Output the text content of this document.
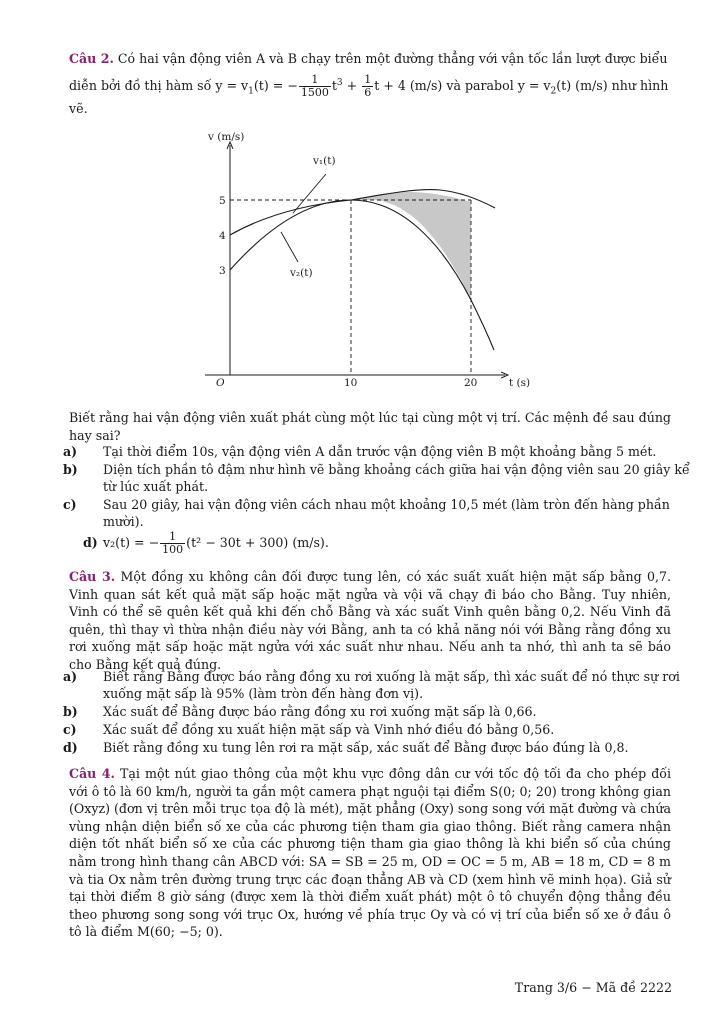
Câu 2. Có hai vận động viên A và B chạy trên một đường thẳng với vận tốc lần lượt được biểu
diễn bởi đồ thị hàm số $y = v_1(t)$ = − $\frac{1}{1500} t^3 + \frac{1}{6}$ t + 4 (m/s) và parabol $y = v_2(t)$ (m/s) như hình
vẽ.
v (m/s)
t (s)
O
5
4
3
10	20
v₁(t)
v₂(t)
Biết rằng hai vận động viên xuất phát cùng một lúc tại cùng một vị trí. Các mệnh đề sau đúng hay sai?
a) Tại thời điểm 10s, vận động viên A dẫn trước vận động viên B một khoảng bằng 5 mét.
b) Diện tích phần tô đậm như hình vẽ bằng khoảng cách giữa hai vận động viên sau 20 giây kể từ lúc xuất phát.
c) Sau 20 giây, hai vận động viên cách nhau một khoảng 10,5 mét (làm tròn đến hàng phần mười).
d) v₂(t) = − $\frac{1}{100} (t^2 - 30t + 300)$ (m/s).
Câu 3. Một đồng xu không cân đối được tung lên, có xác suất xuất hiện mặt sấp bằng 0,7. Vinh quan sát kết quả mặt sấp hoặc mặt ngửa và vội vã chạy đi báo cho Bằng. Tuy nhiên, Vinh có thể sẽ quên kết quả khi đến chỗ Bằng và xác suất Vinh quên bằng 0,2. Nếu Vinh đã quên, thì thay vì thừa nhận điều này với Bằng, anh ta có khả năng nói với Bằng rằng đồng xu rơi xuống mặt sấp hoặc mặt ngửa với xác suất như nhau. Nếu anh ta nhớ, thì anh ta sẽ báo cho Bằng kết quả đúng.
a) Biết rằng Bằng được báo rằng đồng xu rơi xuống là mặt sấp, thì xác suất để nó thực sự rơi xuống mặt sấp là 95% (làm tròn đến hàng đơn vị).
b) Xác suất để Bằng được báo rằng đồng xu rơi xuống mặt sấp là 0,66.
c) Xác suất để đồng xu xuất hiện mặt sấp và Vinh nhớ điều đó bằng 0,56.
d) Biết rằng đồng xu tung lên rơi ra mặt sấp, xác suất để Bằng được báo đúng là 0,8.
Câu 4. Tại một nút giao thông của một khu vực đông dân cư với tốc độ tối đa cho phép đối với ô tô là 60 km/h, người ta gắn một camera phạt nguội tại điểm S(0; 0; 20) trong không gian (Oxyz) (đơn vị trên mỗi trục tọa độ là mét), mặt phẳng (Oxy) song song với mặt đường và chứa vùng nhận diện biển số xe của các phương tiện tham gia giao thông. Biết rằng camera nhận diện tốt nhất biển số xe của các phương tiện tham gia giao thông là khi biển số của chúng nằm trong hình thang cân ABCD với: SA = SB = 25 m, OD = OC = 5 m, AB = 18 m, CD = 8 m và tia Ox nằm trên đường trung trực các đoạn thẳng AB và CD (xem hình vẽ minh họa). Giả sử tại thời điểm 8 giờ sáng (được xem là thời điểm xuất phát) một ô tô chuyển động thẳng đều theo phương song song với trục Ox, hướng về phía trục Oy và có vị trí của biển số xe ở đầu ô tô là điểm M(60; −5; 0).
Trang 3/6 − Mã đề 2222
